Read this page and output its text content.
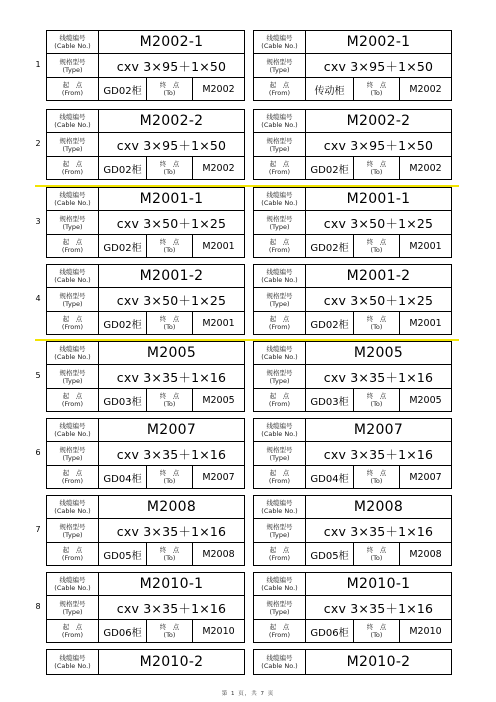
1
线缆编号
(Cable No.)	M2002-1		

规格型号
(Type)	cxv 3×95＋1×50		

起　点
(From)	GD02柜	终　点
(To)	M2002
线缆编号
(Cable No.)	M2002-1		

规格型号
(Type)	cxv 3×95＋1×50		

起　点
(From)	传动柜	终　点
(To)	M2002
2
线缆编号
(Cable No.)	M2002-2		

规格型号
(Type)	cxv 3×95＋1×50		

起　点
(From)	GD02柜	终　点
(To)	M2002
线缆编号
(Cable No.)	M2002-2		

规格型号
(Type)	cxv 3×95＋1×50		

起　点
(From)	GD02柜	终　点
(To)	M2002
3
线缆编号
(Cable No.)	M2001-1		

规格型号
(Type)	cxv 3×50＋1×25		

起　点
(From)	GD02柜	终　点
(To)	M2001
线缆编号
(Cable No.)	M2001-1		

规格型号
(Type)	cxv 3×50＋1×25		

起　点
(From)	GD02柜	终　点
(To)	M2001
4
线缆编号
(Cable No.)	M2001-2		

规格型号
(Type)	cxv 3×50＋1×25		

起　点
(From)	GD02柜	终　点
(To)	M2001
线缆编号
(Cable No.)	M2001-2		

规格型号
(Type)	cxv 3×50＋1×25		

起　点
(From)	GD02柜	终　点
(To)	M2001
5
线缆编号
(Cable No.)	M2005		

规格型号
(Type)	cxv 3×35＋1×16		

起　点
(From)	GD03柜	终　点
(To)	M2005
线缆编号
(Cable No.)	M2005		

规格型号
(Type)	cxv 3×35＋1×16		

起　点
(From)	GD03柜	终　点
(To)	M2005
6
线缆编号
(Cable No.)	M2007		

规格型号
(Type)	cxv 3×35＋1×16		

起　点
(From)	GD04柜	终　点
(To)	M2007
线缆编号
(Cable No.)	M2007		

规格型号
(Type)	cxv 3×35＋1×16		

起　点
(From)	GD04柜	终　点
(To)	M2007
7
线缆编号
(Cable No.)	M2008		

规格型号
(Type)	cxv 3×35＋1×16		

起　点
(From)	GD05柜	终　点
(To)	M2008
线缆编号
(Cable No.)	M2008		

规格型号
(Type)	cxv 3×35＋1×16		

起　点
(From)	GD05柜	终　点
(To)	M2008
8
线缆编号
(Cable No.)	M2010-1		

规格型号
(Type)	cxv 3×35＋1×16		

起　点
(From)	GD06柜	终　点
(To)	M2010
线缆编号
(Cable No.)	M2010-1		

规格型号
(Type)	cxv 3×35＋1×16		

起　点
(From)	GD06柜	终　点
(To)	M2010
线缆编号
(Cable No.)	M2010-2	线缆编号
(Cable No.)	M2010-2
第 1 页，共 7 页
